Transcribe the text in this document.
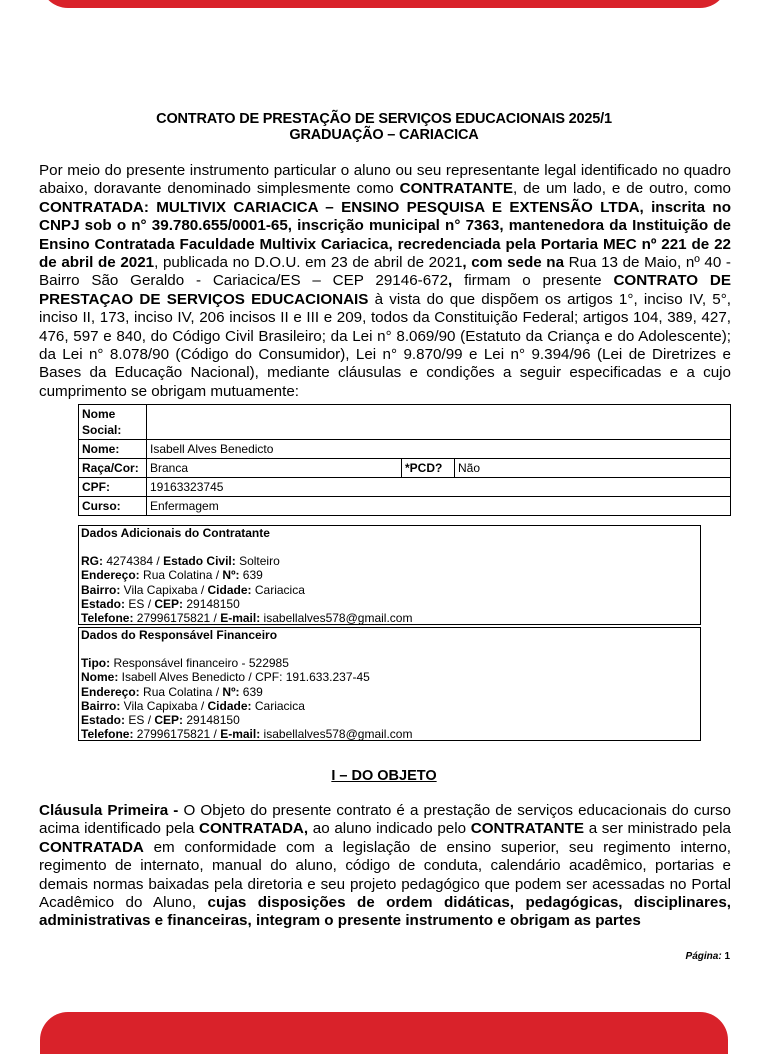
CONTRATO DE PRESTAÇÃO DE SERVIÇOS EDUCACIONAIS 2025/1
GRADUAÇÃO – CARIACICA
Por meio do presente instrumento particular o aluno ou seu representante legal identificado no quadro abaixo, doravante denominado simplesmente como CONTRATANTE, de um lado, e de outro, como CONTRATADA: MULTIVIX CARIACICA – ENSINO PESQUISA E EXTENSÃO LTDA, inscrita no CNPJ sob o n° 39.780.655/0001-65, inscrição municipal n° 7363, mantenedora da Instituição de Ensino Contratada Faculdade Multivix Cariacica, recredenciada pela Portaria MEC nº 221 de 22 de abril de 2021, publicada no D.O.U. em 23 de abril de 2021, com sede na Rua 13 de Maio, nº 40 - Bairro São Geraldo - Cariacica/ES – CEP 29146-672, firmam o presente CONTRATO DE PRESTAÇAO DE SERVIÇOS EDUCACIONAIS à vista do que dispõem os artigos 1°, inciso IV, 5°, inciso II, 173, inciso IV, 206 incisos II e III e 209, todos da Constituição Federal; artigos 104, 389, 427, 476, 597 e 840, do Código Civil Brasileiro; da Lei n° 8.069/90 (Estatuto da Criança e do Adolescente); da Lei n° 8.078/90 (Código do Consumidor), Lei n° 9.870/99 e Lei n° 9.394/96 (Lei de Diretrizes e Bases da Educação Nacional), mediante cláusulas e condições a seguir especificadas e a cujo cumprimento se obrigam mutuamente:
Nome Social:			
Nome:	Isabell Alves Benedicto		
Raça/Cor:	Branca	*PCD?	Não
CPF:	19163323745		
Curso:	Enfermagem		
Dados Adicionais do Contratante
RG: 4274384 / Estado Civil: Solteiro
Endereço: Rua Colatina / Nº: 639
Bairro: Vila Capixaba / Cidade: Cariacica
Estado: ES / CEP: 29148150
Telefone: 27996175821 / E-mail: isabellalves578@gmail.com
Dados do Responsável Financeiro
Tipo: Responsável financeiro - 522985
Nome: Isabell Alves Benedicto / CPF: 191.633.237-45
Endereço: Rua Colatina / Nº: 639
Bairro: Vila Capixaba / Cidade: Cariacica
Estado: ES / CEP: 29148150
Telefone: 27996175821 / E-mail: isabellalves578@gmail.com
I – DO OBJETO
Cláusula Primeira - O Objeto do presente contrato é a prestação de serviços educacionais do curso acima identificado pela CONTRATADA, ao aluno indicado pelo CONTRATANTE a ser ministrado pela CONTRATADA em conformidade com a legislação de ensino superior, seu regimento interno, regimento de internato, manual do aluno, código de conduta, calendário acadêmico, portarias e demais normas baixadas pela diretoria e seu projeto pedagógico que podem ser acessadas no Portal Acadêmico do Aluno, cujas disposições de ordem didáticas, pedagógicas, disciplinares, administrativas e financeiras, integram o presente instrumento e obrigam as partes
Página: 1
